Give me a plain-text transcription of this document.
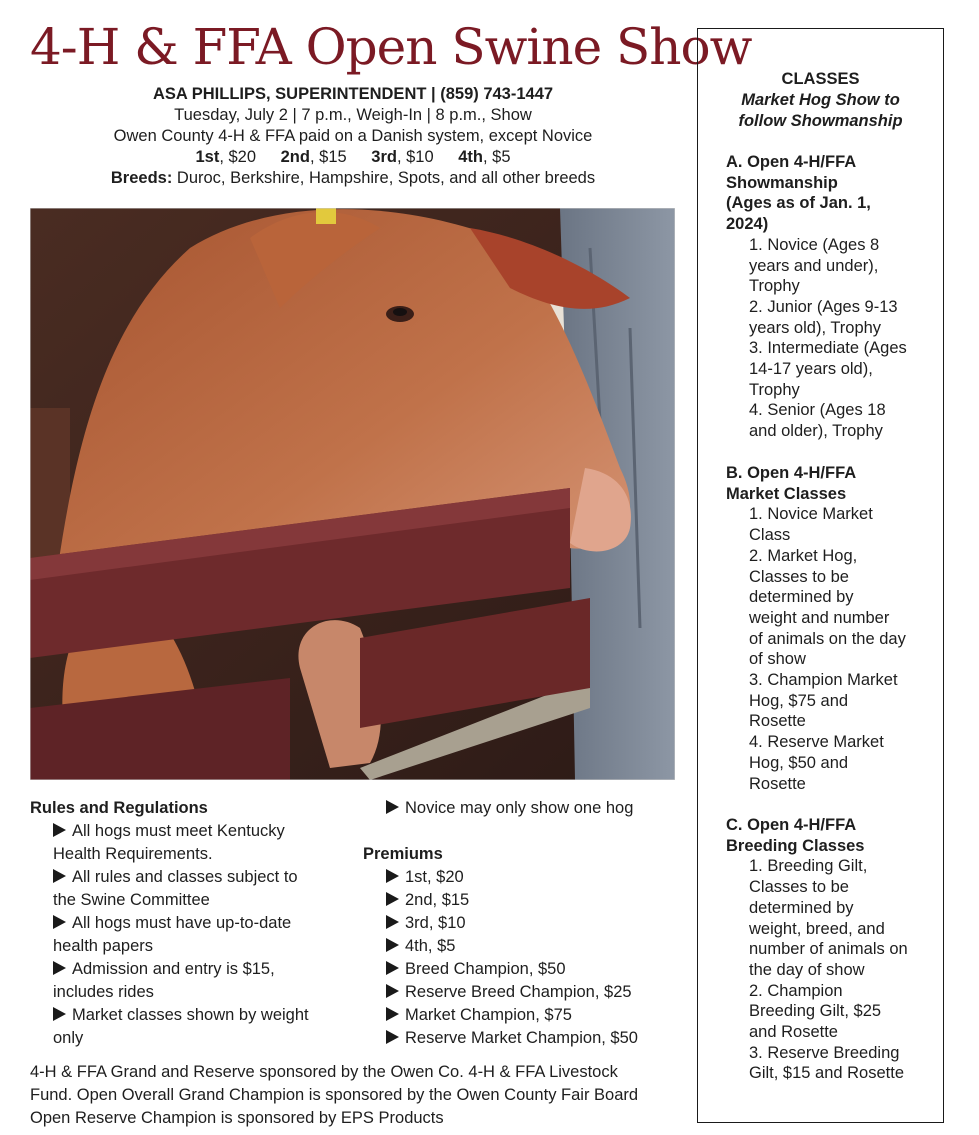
4-H & FFA Open Swine Show
ASA PHILLIPS, SUPERINTENDENT | (859) 743-1447
Tuesday, July 2 | 7 p.m., Weigh-In | 8 p.m., Show
Owen County 4-H & FFA paid on a Danish system, except Novice
1st, $20 2nd, $15 3rd, $10 4th, $5
Breeds: Duroc, Berkshire, Hampshire, Spots, and all other breeds
Rules and Regulations
All hogs must meet Kentucky
Health Requirements.
All rules and classes subject to
the Swine Committee
All hogs must have up-to-date
health papers
Admission and entry is $15,
includes rides
Market classes shown by weight
only
Novice may only show one hog
Premiums
1st, $20
2nd, $15
3rd, $10
4th, $5
Breed Champion, $50
Reserve Breed Champion, $25
Market Champion, $75
Reserve Market Champion, $50
4-H & FFA Grand and Reserve sponsored by the Owen Co. 4-H & FFA Livestock
Fund. Open Overall Grand Champion is sponsored by the Owen County Fair Board
Open Reserve Champion is sponsored by EPS Products
CLASSES
Market Hog Show to
follow Showmanship
A. Open 4-H/FFA
Showmanship
(Ages as of Jan. 1,
2024)
1. Novice (Ages 8
years and under),
Trophy
2. Junior (Ages 9-13
years old), Trophy
3. Intermediate (Ages
14-17 years old),
Trophy
4. Senior (Ages 18
and older), Trophy
B. Open 4-H/FFA
Market Classes
1. Novice Market
Class
2. Market Hog,
Classes to be
determined by
weight and number
of animals on the day
of show
3. Champion Market
Hog, $75 and
Rosette
4. Reserve Market
Hog, $50 and
Rosette
C. Open 4-H/FFA
Breeding Classes
1. Breeding Gilt,
Classes to be
determined by
weight, breed, and
number of animals on
the day of show
2. Champion
Breeding Gilt, $25
and Rosette
3. Reserve Breeding
Gilt, $15 and Rosette
